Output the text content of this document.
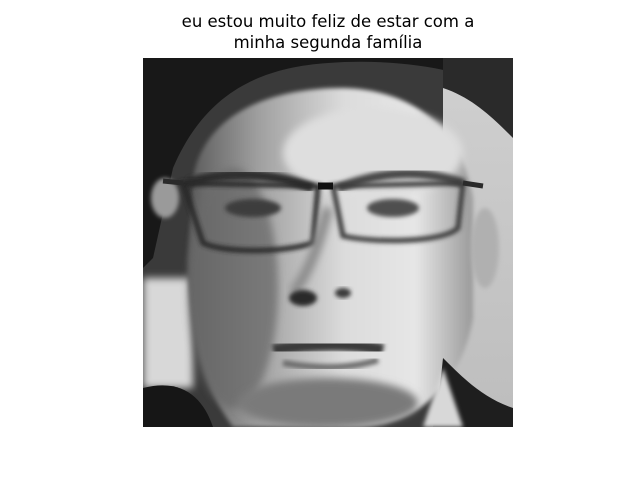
eu estou muito feliz de estar com a
minha segunda família
